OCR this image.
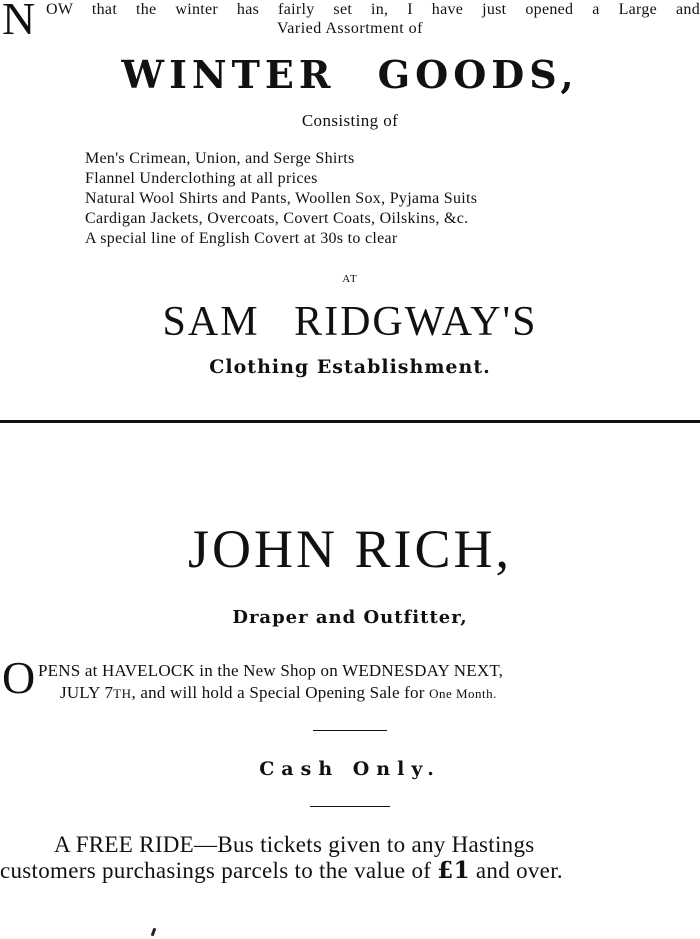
N OW that the winter has fairly set in, I have just opened a Large and
Varied Assortment of
WINTER GOODS,
Consisting of
Men's Crimean, Union, and Serge Shirts
Flannel Underclothing at all prices
Natural Wool Shirts and Pants, Woollen Sox, Pyjama Suits
Cardigan Jackets, Overcoats, Covert Coats, Oilskins, &c.
A special line of English Covert at 30s to clear
AT
SAM RIDGWAY'S
Clothing Establishment.
JOHN RICH,
Draper and Outfitter,
O PENS at HAVELOCK in the New Shop on WEDNESDAY NEXT,
JULY 7TH, and will hold a Special Opening Sale for One Month.
Cash Only.
A FREE RIDE—Bus tickets given to any Hastings
customers purchasings parcels to the value of £1 and over.
